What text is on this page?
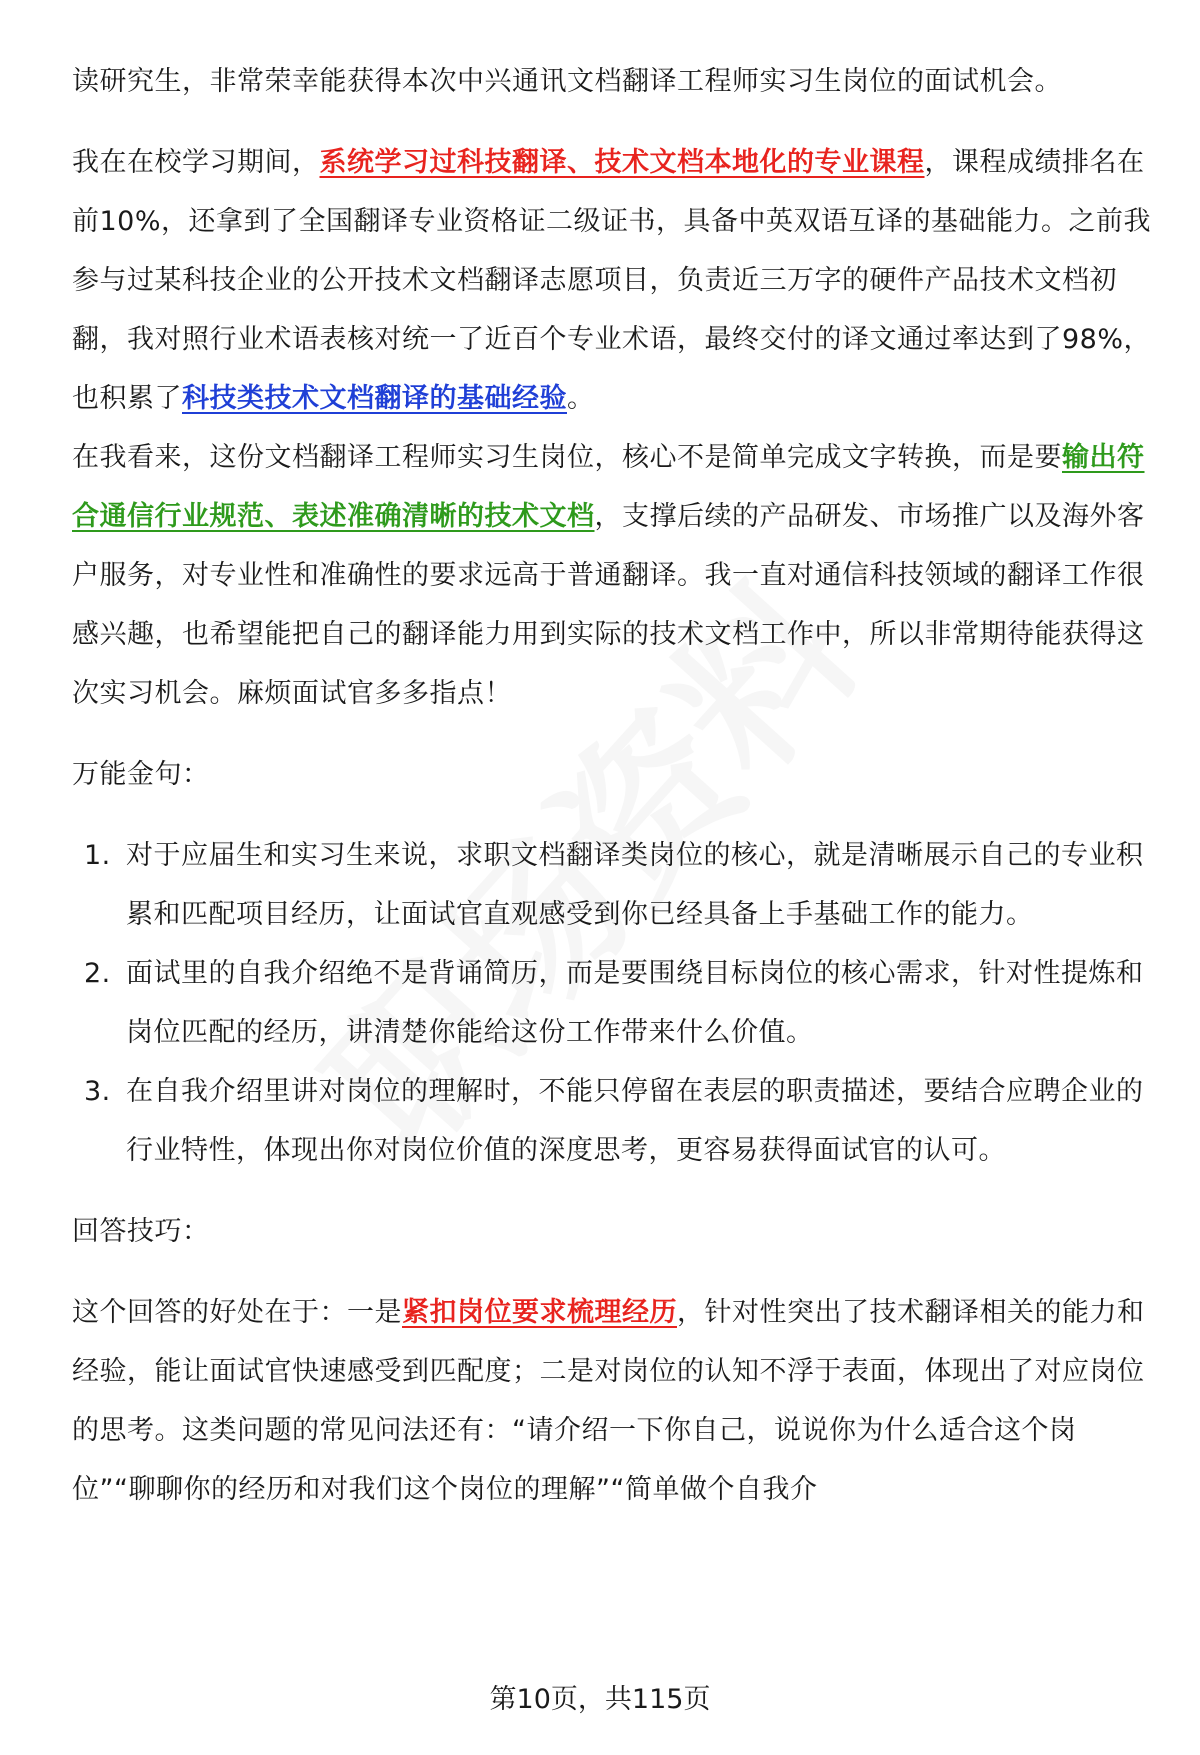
读研究生，非常荣幸能获得本次中兴通讯文档翻译工程师实习生岗位的面试机会。

我在在校学习期间，系统学习过科技翻译、技术文档本地化的专业课程，课程成绩排名在前10%，还拿到了全国翻译专业资格证二级证书，具备中英双语互译的基础能力。之前我参与过某科技企业的公开技术文档翻译志愿项目，负责近三万字的硬件产品技术文档初翻，我对照行业术语表核对统一了近百个专业术语，最终交付的译文通过率达到了98%，也积累了科技类技术文档翻译的基础经验。

在我看来，这份文档翻译工程师实习生岗位，核心不是简单完成文字转换，而是要输出符合通信行业规范、表述准确清晰的技术文档，支撑后续的产品研发、市场推广以及海外客户服务，对专业性和准确性的要求远高于普通翻译。我一直对通信科技领域的翻译工作很感兴趣，也希望能把自己的翻译能力用到实际的技术文档工作中，所以非常期待能获得这次实习机会。麻烦面试官多多指点！

万能金句：

1. 对于应届生和实习生来说，求职文档翻译类岗位的核心，就是清晰展示自己的专业积累和匹配项目经历，让面试官直观感受到你已经具备上手基础工作的能力。
2. 面试里的自我介绍绝不是背诵简历，而是要围绕目标岗位的核心需求，针对性提炼和岗位匹配的经历，讲清楚你能给这份工作带来什么价值。
3. 在自我介绍里讲对岗位的理解时，不能只停留在表层的职责描述，要结合应聘企业的行业特性，体现出你对岗位价值的深度思考，更容易获得面试官的认可。

回答技巧：

这个回答的好处在于：一是紧扣岗位要求梳理经历，针对性突出了技术翻译相关的能力和经验，能让面试官快速感受到匹配度；二是对岗位的认知不浮于表面，体现出了对应岗位的思考。这类问题的常见问法还有：“请介绍一下你自己，说说你为什么适合这个岗位”“聊聊你的经历和对我们这个岗位的理解”“简单做个自我介

第10页，共115页
